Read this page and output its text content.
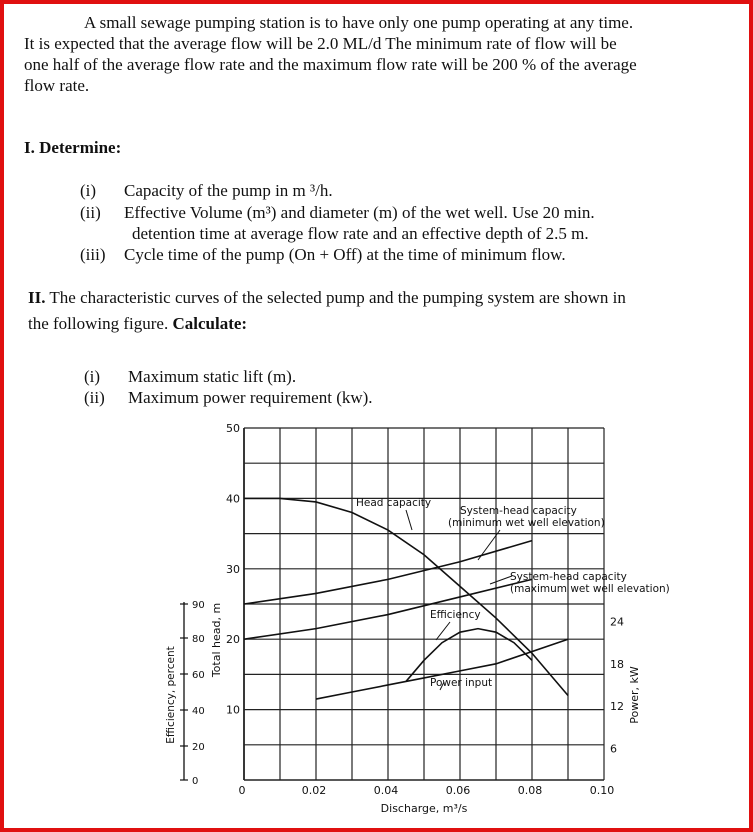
A small sewage pumping station is to have only one pump operating at any time.
It is expected that the average flow will be 2.0 ML/d The minimum rate of flow will be
one half of the average flow rate and the maximum flow rate will be 200 % of the average
flow rate.
I. Determine:
(i) Capacity of the pump in m ³/h.
(ii) Effective Volume (m³) and diameter (m) of the wet well. Use 20 min.
detention time at average flow rate and an effective depth of 2.5 m.
(iii) Cycle time of the pump (On + Off) at the time of minimum flow.
II. The characteristic curves of the selected pump and the pumping system are shown in
the following figure. Calculate:
(i) Maximum static lift (m).
(ii) Maximum power requirement (kw).
0	0.02	0.04	0.06	0.08	0.10
Discharge, m³/s
50
40
30
20
10
Total head, m
90
80
60
40
20
0
Efficiency, percent
24
18
12
6
Power, kW
Head capacity
System-head capacity
(minimum wet well elevation)
System-head capacity
(maximum wet well elevation)
Efficiency
Power input
